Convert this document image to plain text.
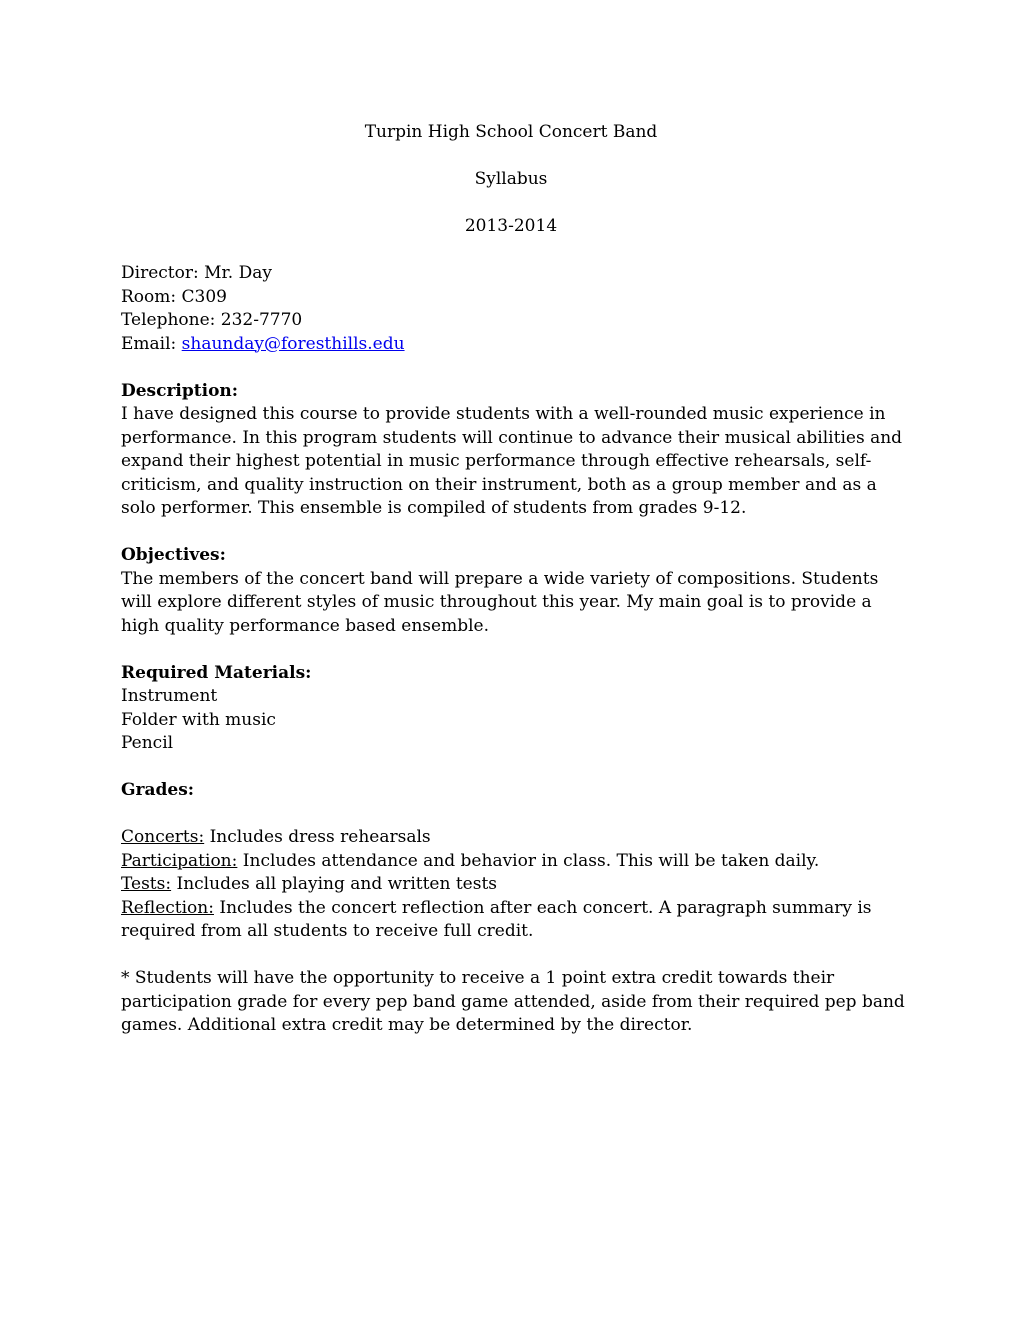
Turpin High School Concert Band
Syllabus
2013-2014
Director: Mr. Day
Room: C309
Telephone: 232-7770
Email: shaunday@foresthills.edu
Description:
I have designed this course to provide students with a well-rounded music experience in performance. In this program students will continue to advance their musical abilities and expand their highest potential in music performance through effective rehearsals, self-criticism, and quality instruction on their instrument, both as a group member and as a solo performer. This ensemble is compiled of students from grades 9-12.
Objectives:
The members of the concert band will prepare a wide variety of compositions. Students will explore different styles of music throughout this year. My main goal is to provide a high quality performance based ensemble.
Required Materials:
Instrument
Folder with music
Pencil
Grades:
Concerts: Includes dress rehearsals
Participation: Includes attendance and behavior in class. This will be taken daily.
Tests: Includes all playing and written tests
Reflection: Includes the concert reflection after each concert. A paragraph summary is required from all students to receive full credit.
* Students will have the opportunity to receive a 1 point extra credit towards their participation grade for every pep band game attended, aside from their required pep band games. Additional extra credit may be determined by the director.
